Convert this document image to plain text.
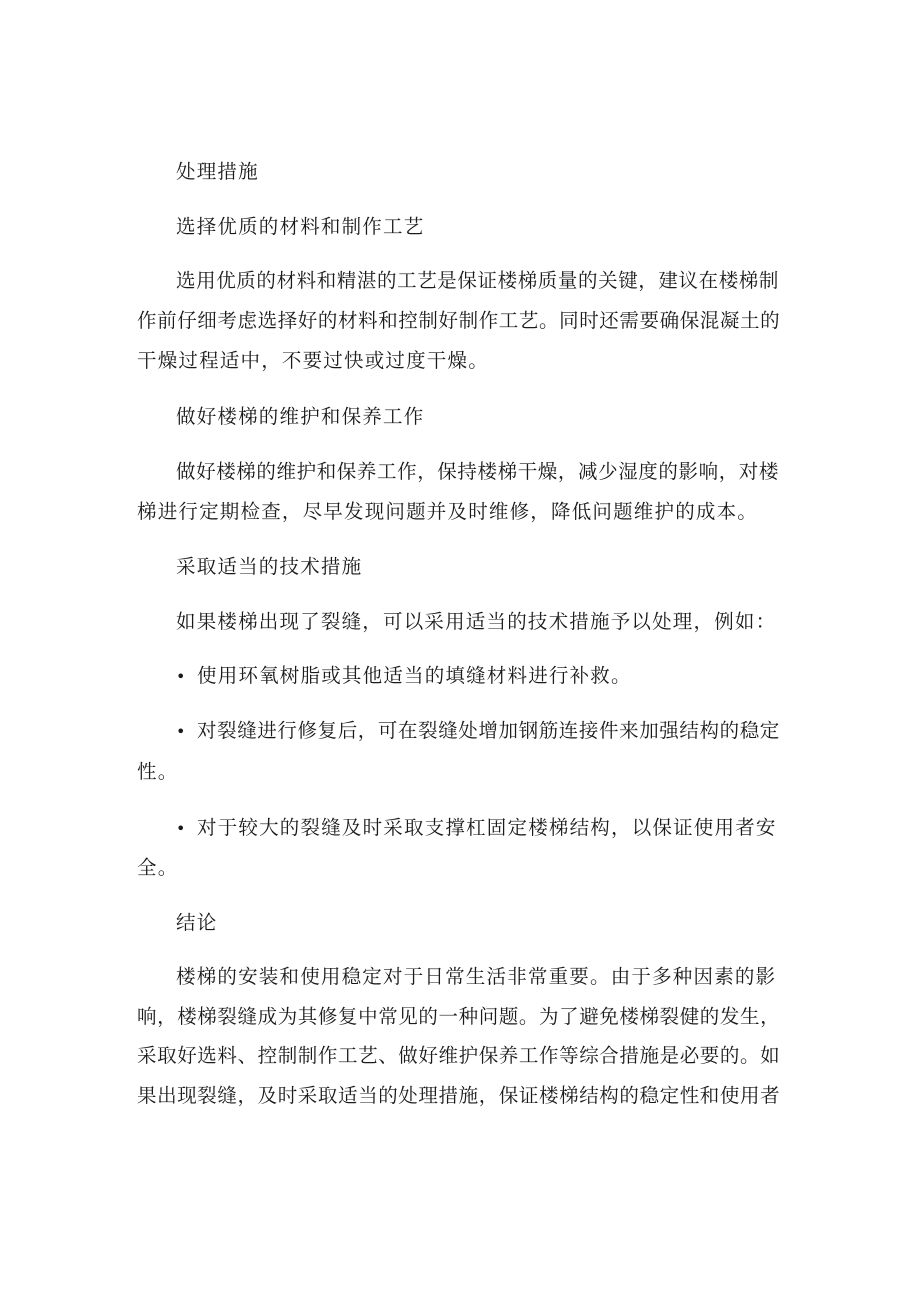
处理措施
选择优质的材料和制作工艺
选用优质的材料和精湛的工艺是保证楼梯质量的关键，建议在楼梯制
作前仔细考虑选择好的材料和控制好制作工艺。同时还需要确保混凝土的
干燥过程适中，不要过快或过度干燥。
做好楼梯的维护和保养工作
做好楼梯的维护和保养工作，保持楼梯干燥，减少湿度的影响，对楼
梯进行定期检查，尽早发现问题并及时维修，降低问题维护的成本。
采取适当的技术措施
如果楼梯出现了裂缝，可以采用适当的技术措施予以处理，例如：
• 使用环氧树脂或其他适当的填缝材料进行补救。
• 对裂缝进行修复后，可在裂缝处增加钢筋连接件来加强结构的稳定
性。
• 对于较大的裂缝及时采取支撑杠固定楼梯结构，以保证使用者安
全。
结论
楼梯的安装和使用稳定对于日常生活非常重要。由于多种因素的影
响，楼梯裂缝成为其修复中常见的一种问题。为了避免楼梯裂健的发生，
采取好选料、控制制作工艺、做好维护保养工作等综合措施是必要的。如
果出现裂缝，及时采取适当的处理措施，保证楼梯结构的稳定性和使用者
